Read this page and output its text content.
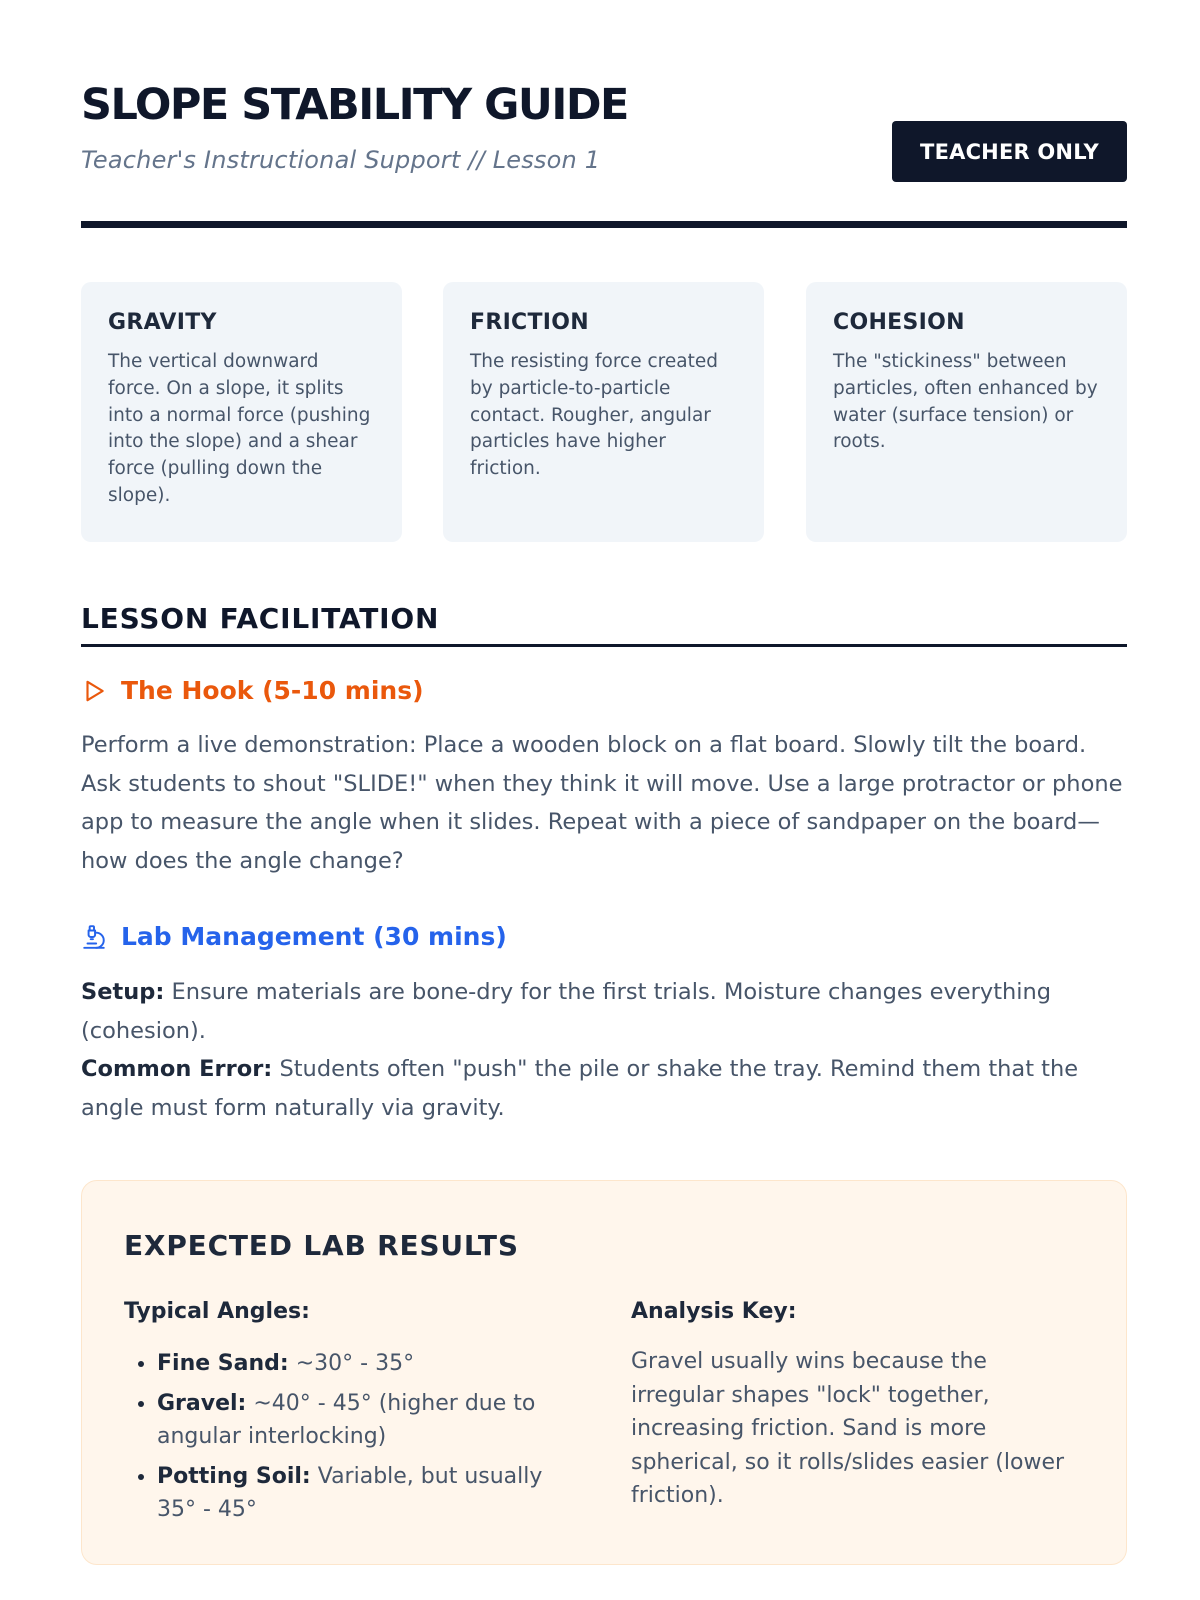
SLOPE STABILITY GUIDE

Teacher's Instructional Support // Lesson 1	TEACHER ONLY
GRAVITY

The vertical downward force. On a slope, it splits into a normal force (pushing into the slope) and a shear force (pulling down the slope).

FRICTION

The resisting force created by particle-to-particle contact. Rougher, angular particles have higher friction.

COHESION

The "stickiness" between particles, often enhanced by water (surface tension) or roots.

LESSON FACILITATION
The Hook (5-10 mins)

Perform a live demonstration: Place a wooden block on a flat board. Slowly tilt the board. Ask students to shout "SLIDE!" when they think it will move. Use a large protractor or phone app to measure the angle when it slides. Repeat with a piece of sandpaper on the board—how does the angle change?

Lab Management (30 mins)

Setup: Ensure materials are bone-dry for the first trials. Moisture changes everything (cohesion).

Common Error: Students often "push" the pile or shake the tray. Remind them that the angle must form naturally via gravity.

EXPECTED LAB RESULTS
Typical Angles:
• Fine Sand: ~30° - 35°
• Gravel: ~40° - 45° (higher due to angular interlocking)
• Potting Soil: Variable, but usually 35° - 45°
Analysis Key:

Gravel usually wins because the irregular shapes "lock" together, increasing friction. Sand is more spherical, so it rolls/slides easier (lower friction).
